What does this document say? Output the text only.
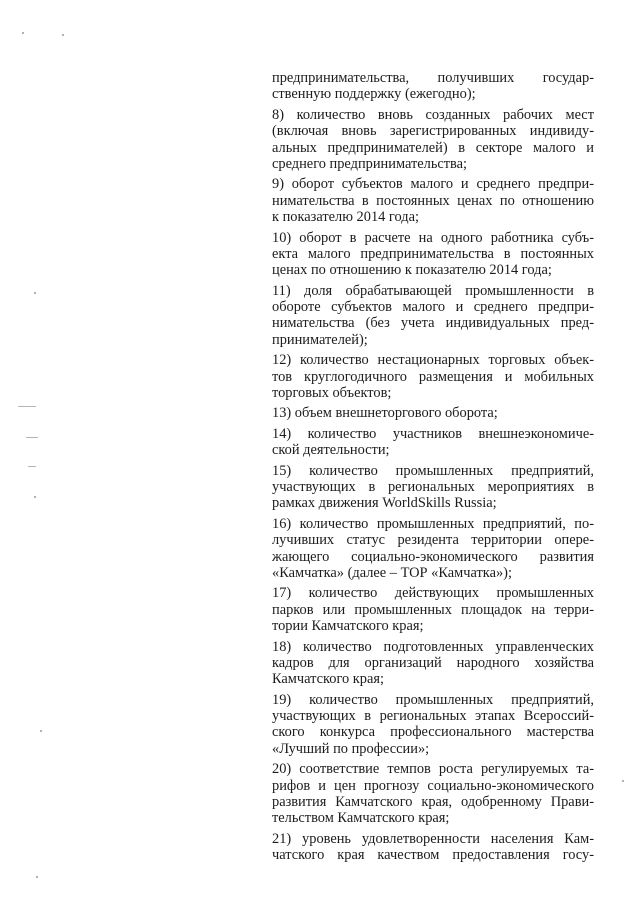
предпринимательства, получивших государ-
ственную поддержку (ежегодно);
8) количество вновь созданных рабочих мест
(включая вновь зарегистрированных индивиду-
альных предпринимателей) в секторе малого и
среднего предпринимательства;
9) оборот субъектов малого и среднего предпри-
нимательства в постоянных ценах по отношению
к показателю 2014 года;
10) оборот в расчете на одного работника субъ-
екта малого предпринимательства в постоянных
ценах по отношению к показателю 2014 года;
11) доля обрабатывающей промышленности в
обороте субъектов малого и среднего предпри-
нимательства (без учета индивидуальных пред-
принимателей);
12) количество нестационарных торговых объек-
тов круглогодичного размещения и мобильных
торговых объектов;
13) объем внешнеторгового оборота;
14) количество участников внешнеэкономиче-
ской деятельности;
15) количество промышленных предприятий,
участвующих в региональных мероприятиях в
рамках движения WorldSkills Russia;
16) количество промышленных предприятий, по-
лучивших статус резидента территории опере-
жающего социально-экономического развития
«Камчатка» (далее – ТОР «Камчатка»);
17) количество действующих промышленных
парков или промышленных площадок на терри-
тории Камчатского края;
18) количество подготовленных управленческих
кадров для организаций народного хозяйства
Камчатского края;
19) количество промышленных предприятий,
участвующих в региональных этапах Всероссий-
ского конкурса профессионального мастерства
«Лучший по профессии»;
20) соответствие темпов роста регулируемых та-
рифов и цен прогнозу социально-экономического
развития Камчатского края, одобренному Прави-
тельством Камчатского края;
21) уровень удовлетворенности населения Кам-
чатского края качеством предоставления госу-
